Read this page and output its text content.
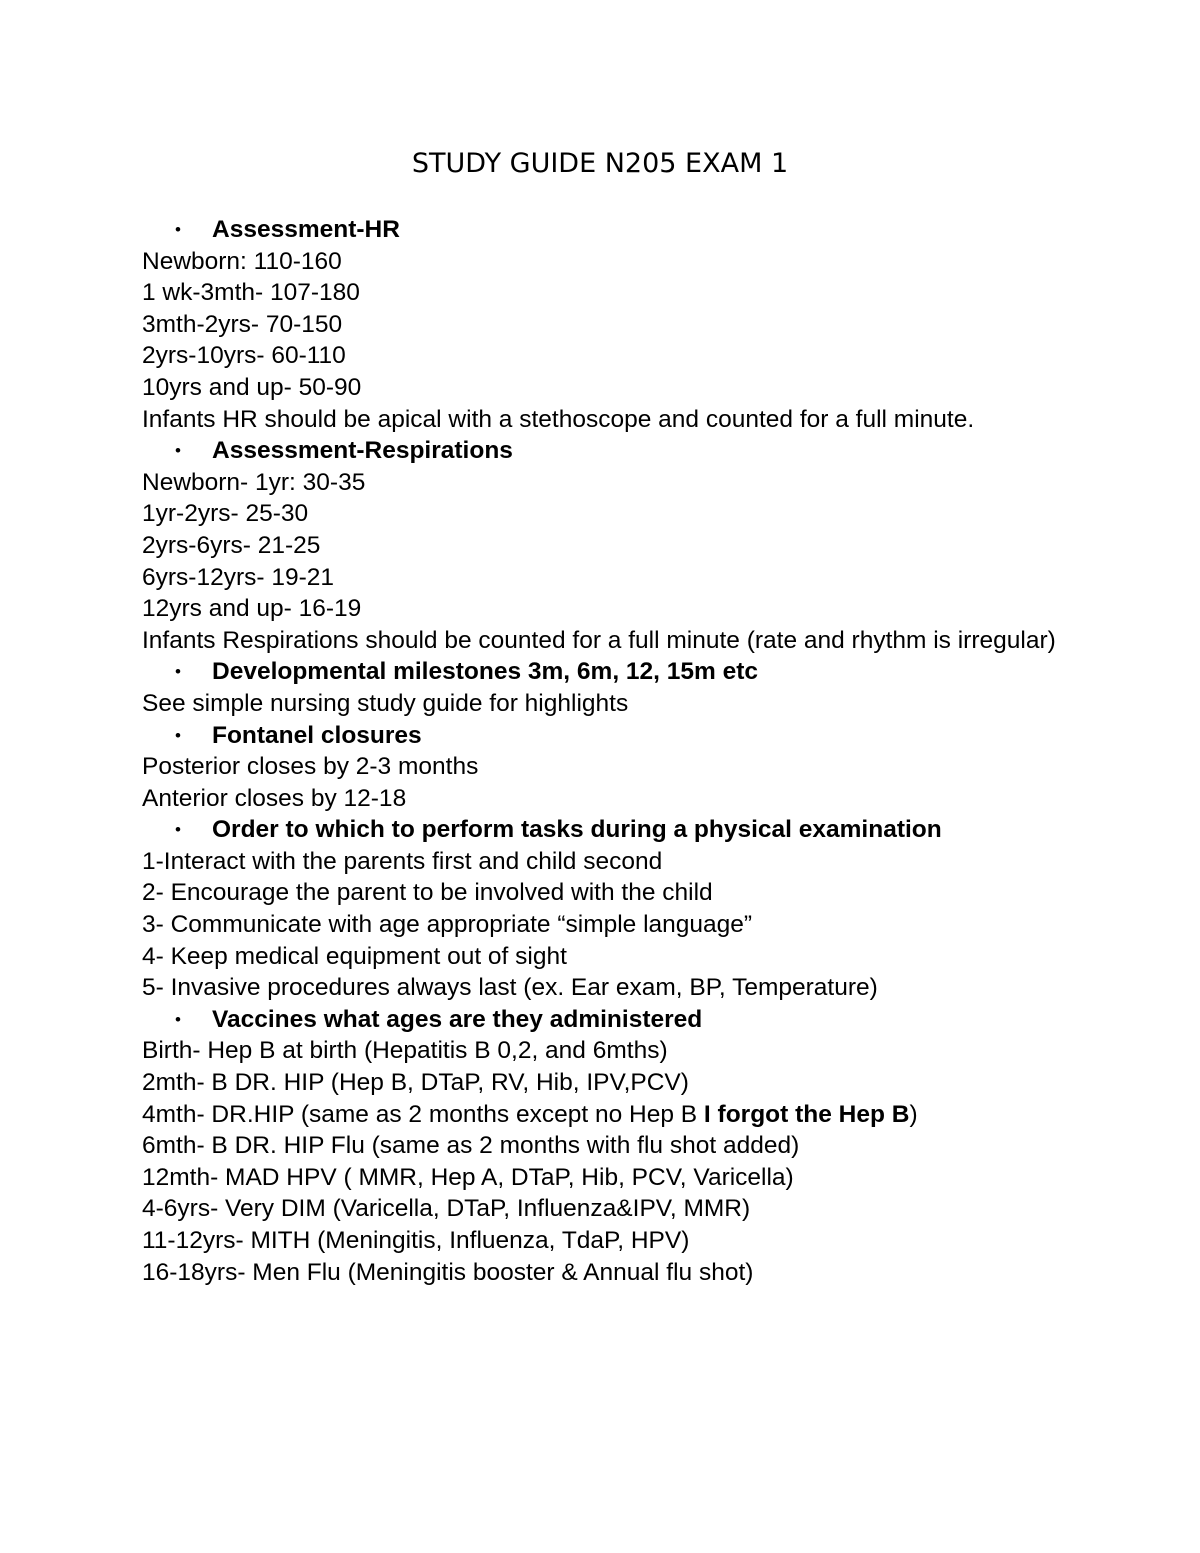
STUDY GUIDE N205 EXAM 1

• Assessment-HR

Newborn: 110-160

1 wk-3mth- 107-180

3mth-2yrs- 70-150

2yrs-10yrs- 60-110

10yrs and up- 50-90

Infants HR should be apical with a stethoscope and counted for a full minute.

• Assessment-Respirations

Newborn- 1yr: 30-35

1yr-2yrs- 25-30

2yrs-6yrs- 21-25

6yrs-12yrs- 19-21

12yrs and up- 16-19

Infants Respirations should be counted for a full minute (rate and rhythm is irregular)

• Developmental milestones 3m, 6m, 12, 15m etc

See simple nursing study guide for highlights

• Fontanel closures

Posterior closes by 2-3 months

Anterior closes by 12-18

• Order to which to perform tasks during a physical examination

1-Interact with the parents first and child second

2- Encourage the parent to be involved with the child

3- Communicate with age appropriate “simple language”

4- Keep medical equipment out of sight

5- Invasive procedures always last (ex. Ear exam, BP, Temperature)

• Vaccines what ages are they administered

Birth- Hep B at birth (Hepatitis B 0,2, and 6mths)

2mth- B DR. HIP (Hep B, DTaP, RV, Hib, IPV,PCV)

4mth- DR.HIP (same as 2 months except no Hep B I forgot the Hep B)

6mth- B DR. HIP Flu (same as 2 months with flu shot added)

12mth- MAD HPV ( MMR, Hep A, DTaP, Hib, PCV, Varicella)

4-6yrs- Very DIM (Varicella, DTaP, Influenza&IPV, MMR)

11-12yrs- MITH (Meningitis, Influenza, TdaP, HPV)

16-18yrs- Men Flu (Meningitis booster & Annual flu shot)
